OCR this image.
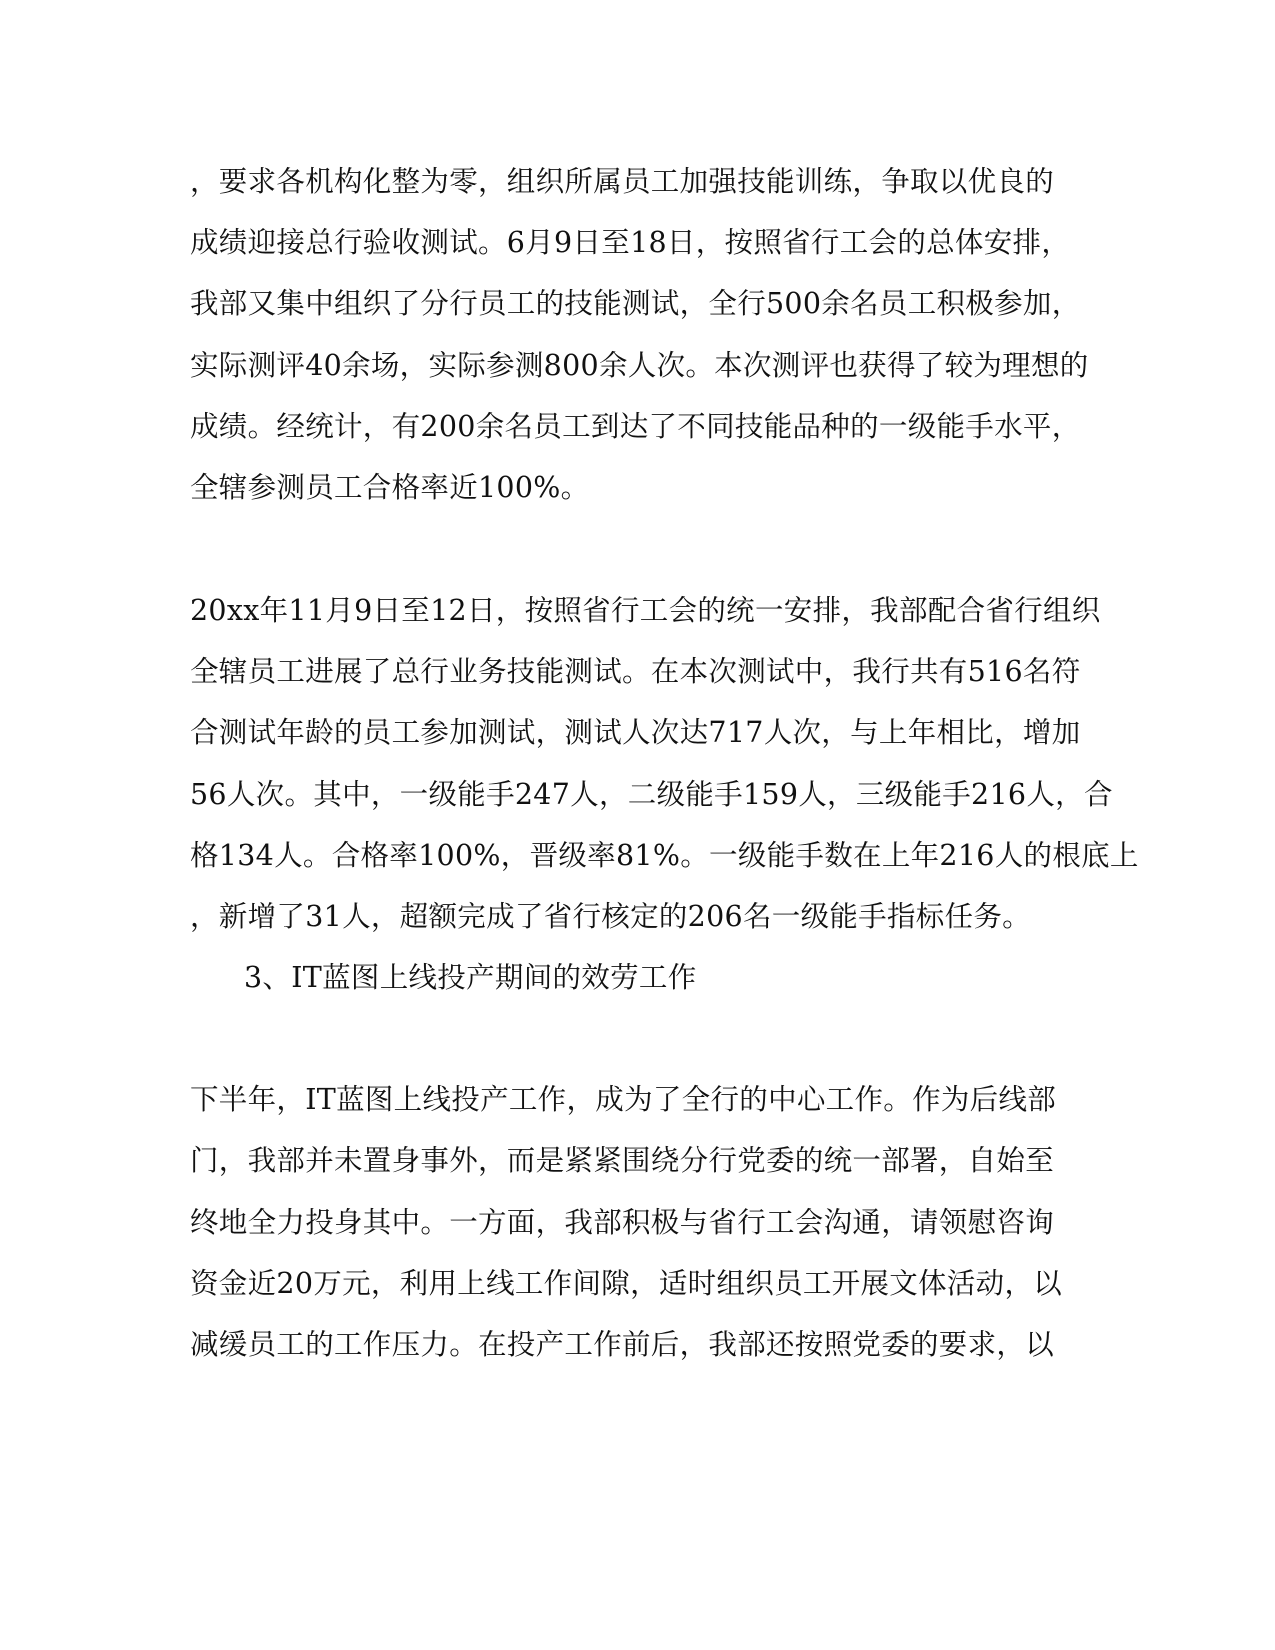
，要求各机构化整为零，组织所属员工加强技能训练，争取以优良的
成绩迎接总行验收测试。6月9日至18日，按照省行工会的总体安排，
我部又集中组织了分行员工的技能测试，全行500余名员工积极参加，
实际测评40余场，实际参测800余人次。本次测评也获得了较为理想的
成绩。经统计，有200余名员工到达了不同技能品种的一级能手水平，
全辖参测员工合格率近100%。
20xx年11月9日至12日，按照省行工会的统一安排，我部配合省行组织
全辖员工进展了总行业务技能测试。在本次测试中，我行共有516名符
合测试年龄的员工参加测试，测试人次达717人次，与上年相比，增加
56人次。其中，一级能手247人，二级能手159人，三级能手216人，合
格134人。合格率100%，晋级率81%。一级能手数在上年216人的根底上
，新增了31人，超额完成了省行核定的206名一级能手指标任务。
3、IT蓝图上线投产期间的效劳工作
下半年，IT蓝图上线投产工作，成为了全行的中心工作。作为后线部
门，我部并未置身事外，而是紧紧围绕分行党委的统一部署，自始至
终地全力投身其中。一方面，我部积极与省行工会沟通，请领慰咨询
资金近20万元，利用上线工作间隙，适时组织员工开展文体活动，以
减缓员工的工作压力。在投产工作前后，我部还按照党委的要求，以
